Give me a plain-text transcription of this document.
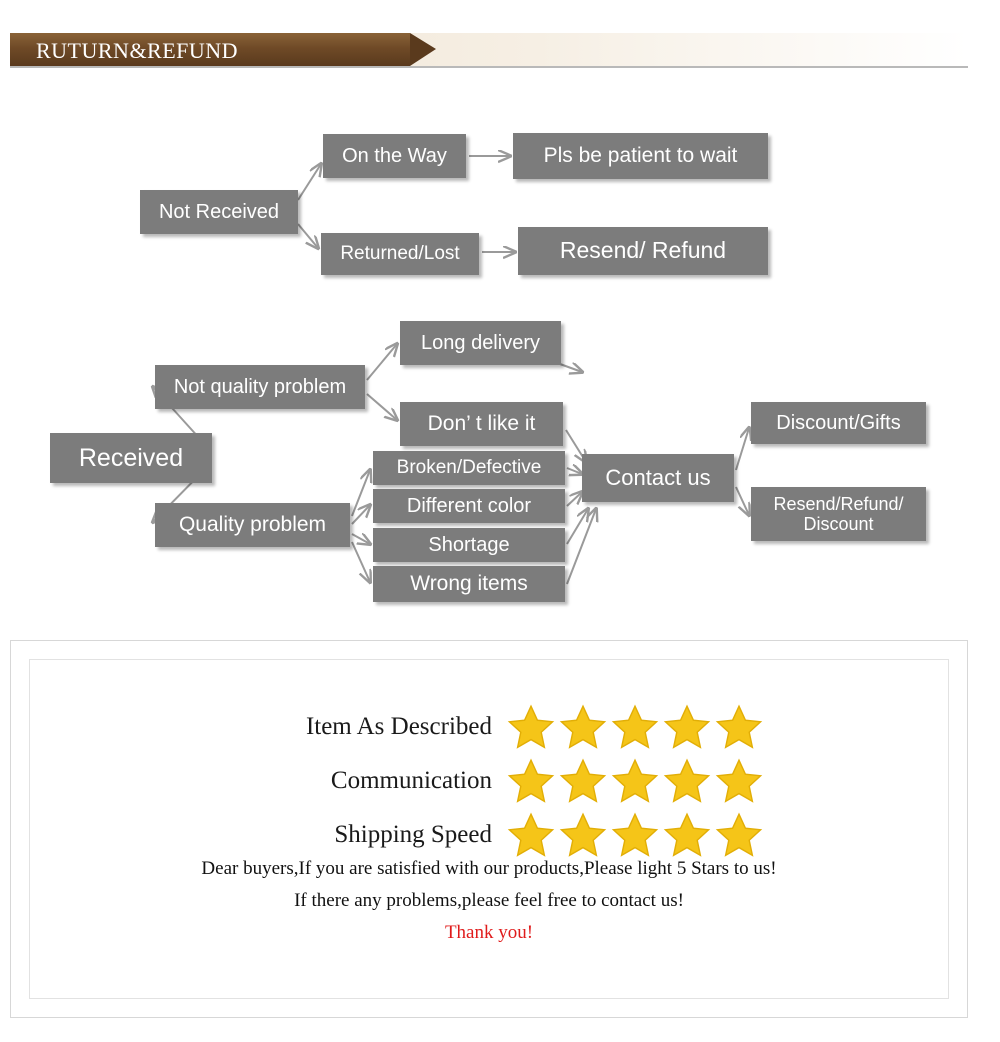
RUTURN&REFUND
Not Received
On the Way	Pls be patient to wait
Returned/Lost	Resend/ Refund
Received
Not quality problem
Long delivery
Don’ t like it
Quality problem
Broken/Defective
Different color
Shortage
Wrong items
Contact us
Discount/Gifts
Resend/Refund/
Discount
Item As Described
Communication
Shipping Speed
Dear buyers,If you are satisfied with our products,Please light 5 Stars to us!
If there any problems,please feel free to contact us!
Thank you!
